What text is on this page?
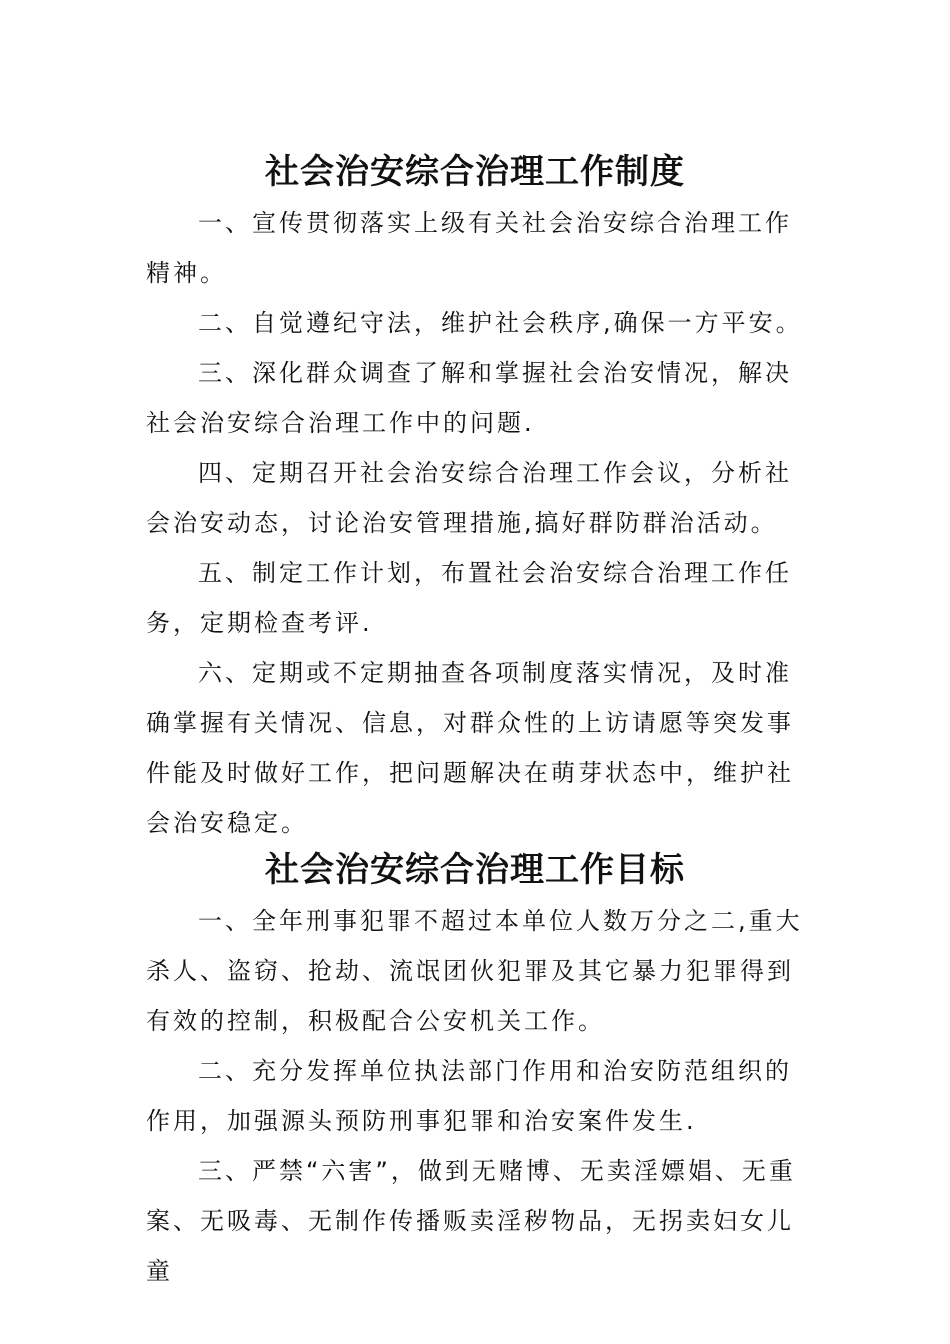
社会治安综合治理工作制度

一、宣传贯彻落实上级有关社会治安综合治理工作精神。

二、自觉遵纪守法，维护社会秩序,确保一方平安。

三、深化群众调查了解和掌握社会治安情况，解决社会治安综合治理工作中的问题.

四、定期召开社会治安综合治理工作会议，分析社会治安动态，讨论治安管理措施,搞好群防群治活动。

五、制定工作计划，布置社会治安综合治理工作任务，定期检查考评.

六、定期或不定期抽查各项制度落实情况，及时准确掌握有关情况、信息，对群众性的上访请愿等突发事件能及时做好工作，把问题解决在萌芽状态中，维护社会治安稳定。

社会治安综合治理工作目标

一、全年刑事犯罪不超过本单位人数万分之二,重大杀人、盗窃、抢劫、流氓团伙犯罪及其它暴力犯罪得到有效的控制，积极配合公安机关工作。

二、充分发挥单位执法部门作用和治安防范组织的作用，加强源头预防刑事犯罪和治安案件发生.

三、严禁“六害”，做到无赌博、无卖淫嫖娼、无重案、无吸毒、无制作传播贩卖淫秽物品，无拐卖妇女儿童
